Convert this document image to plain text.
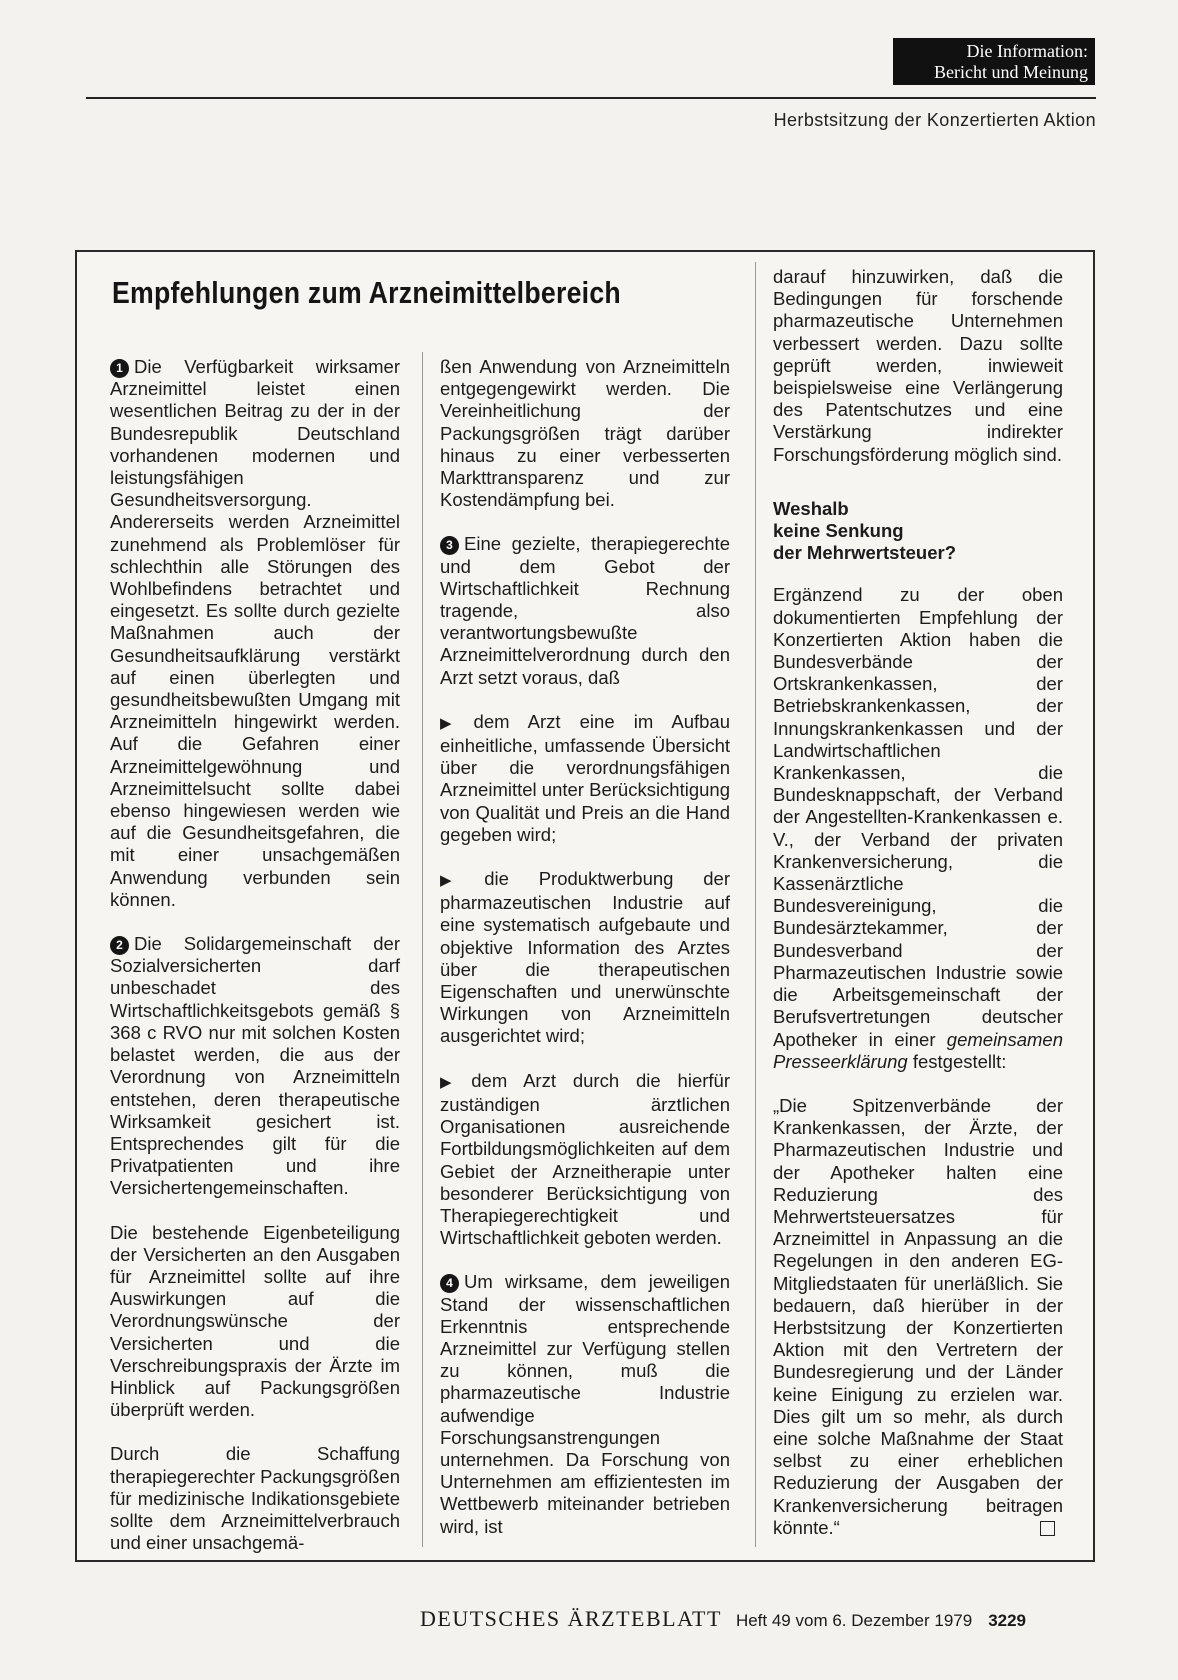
Die Information:
Bericht und Meinung
Herbstsitzung der Konzertierten Aktion
Empfehlungen zum Arzneimittelbereich

1 Die Verfügbarkeit wirksamer Arzneimittel leistet einen wesentlichen Beitrag zu der in der Bundesrepublik Deutschland vorhandenen modernen und leistungsfähigen Gesundheitsversorgung. Andererseits werden Arzneimittel zunehmend als Problemlöser für schlechthin alle Störungen des Wohlbefindens betrachtet und eingesetzt. Es sollte durch gezielte Maßnahmen auch der Gesundheitsaufklärung verstärkt auf einen überlegten und gesundheitsbewußten Umgang mit Arzneimitteln hingewirkt werden. Auf die Gefahren einer Arzneimittelgewöhnung und Arzneimittelsucht sollte dabei ebenso hingewiesen werden wie auf die Gesundheitsgefahren, die mit einer unsachgemäßen Anwendung verbunden sein können.

2 Die Solidargemeinschaft der Sozialversicherten darf unbeschadet des Wirtschaftlichkeitsgebots gemäß § 368 c RVO nur mit solchen Kosten belastet werden, die aus der Verordnung von Arzneimitteln entstehen, deren therapeutische Wirksamkeit gesichert ist. Entsprechendes gilt für die Privatpatienten und ihre Versichertengemeinschaften.

Die bestehende Eigenbeteiligung der Versicherten an den Ausgaben für Arzneimittel sollte auf ihre Auswirkungen auf die Verordnungswünsche der Versicherten und die Verschreibungspraxis der Ärzte im Hinblick auf Packungsgrößen überprüft werden.

Durch die Schaffung therapiegerechter Packungsgrößen für medizinische Indikationsgebiete sollte dem Arzneimittelverbrauch und einer unsachgemä-

ßen Anwendung von Arzneimitteln entgegengewirkt werden. Die Vereinheitlichung der Packungsgrößen trägt darüber hinaus zu einer verbesserten Markttransparenz und zur Kostendämpfung bei.

3 Eine gezielte, therapiegerechte und dem Gebot der Wirtschaftlichkeit Rechnung tragende, also verantwortungsbewußte Arzneimittelverordnung durch den Arzt setzt voraus, daß

▶ dem Arzt eine im Aufbau einheitliche, umfassende Übersicht über die verordnungsfähigen Arzneimittel unter Berücksichtigung von Qualität und Preis an die Hand gegeben wird;

▶ die Produktwerbung der pharmazeutischen Industrie auf eine systematisch aufgebaute und objektive Information des Arztes über die therapeutischen Eigenschaften und unerwünschte Wirkungen von Arzneimitteln ausgerichtet wird;

▶ dem Arzt durch die hierfür zuständigen ärztlichen Organisationen ausreichende Fortbildungsmöglichkeiten auf dem Gebiet der Arzneitherapie unter besonderer Berücksichtigung von Therapiegerechtigkeit und Wirtschaftlichkeit geboten werden.

4 Um wirksame, dem jeweiligen Stand der wissenschaftlichen Erkenntnis entsprechende Arzneimittel zur Verfügung stellen zu können, muß die pharmazeutische Industrie aufwendige Forschungsanstrengungen unternehmen. Da Forschung von Unternehmen am effizientesten im Wettbewerb miteinander betrieben wird, ist

darauf hinzuwirken, daß die Bedingungen für forschende pharmazeutische Unternehmen verbessert werden. Dazu sollte geprüft werden, inwieweit beispielsweise eine Verlängerung des Patentschutzes und eine Verstärkung indirekter Forschungsförderung möglich sind.

Weshalb
keine Senkung
der Mehrwertsteuer?

Ergänzend zu der oben dokumentierten Empfehlung der Konzertierten Aktion haben die Bundesverbände der Ortskrankenkassen, der Betriebskrankenkassen, der Innungskrankenkassen und der Landwirtschaftlichen Krankenkassen, die Bundesknappschaft, der Verband der Angestellten-Krankenkassen e. V., der Verband der privaten Krankenversicherung, die Kassenärztliche Bundesvereinigung, die Bundesärztekammer, der Bundesverband der Pharmazeutischen Industrie sowie die Arbeitsgemeinschaft der Berufsvertretungen deutscher Apotheker in einer gemeinsamen Presseerklärung festgestellt:

„Die Spitzenverbände der Krankenkassen, der Ärzte, der Pharmazeutischen Industrie und der Apotheker halten eine Reduzierung des Mehrwertsteuersatzes für Arzneimittel in Anpassung an die Regelungen in den anderen EG-Mitgliedstaaten für unerläßlich. Sie bedauern, daß hierüber in der Herbstsitzung der Konzertierten Aktion mit den Vertretern der Bundesregierung und der Länder keine Einigung zu erzielen war. Dies gilt um so mehr, als durch eine solche Maßnahme der Staat selbst zu einer erheblichen Reduzierung der Ausgaben der Krankenversicherung beitragen könnte.“

DEUTSCHES ÄRZTEBLATT Heft 49 vom 6. Dezember 1979 3229
